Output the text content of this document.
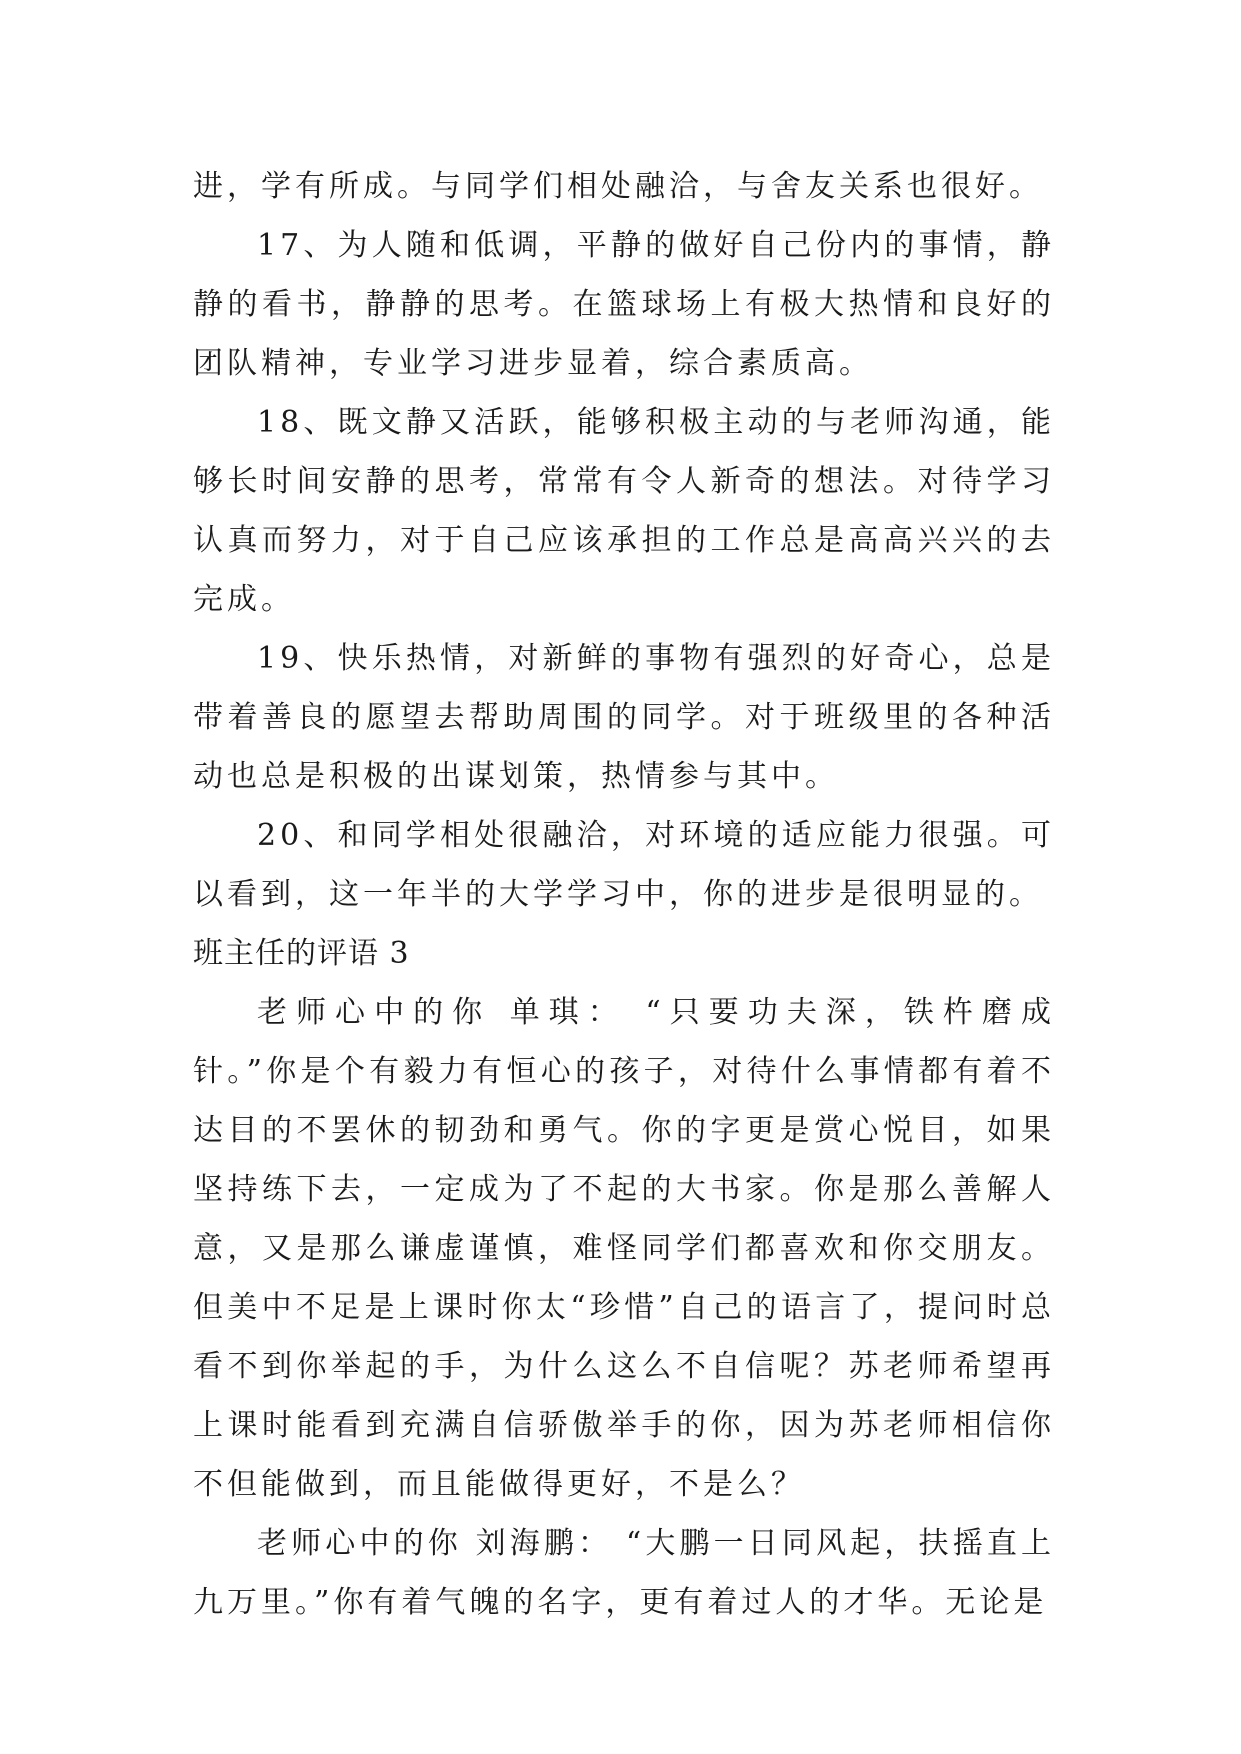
进，学有所成。与同学们相处融洽，与舍友关系也很好。

17、为人随和低调，平静的做好自己份内的事情，静静的看书，静静的思考。在篮球场上有极大热情和良好的团队精神，专业学习进步显着，综合素质高。

18、既文静又活跃，能够积极主动的与老师沟通，能够长时间安静的思考，常常有令人新奇的想法。对待学习认真而努力，对于自己应该承担的工作总是高高兴兴的去完成。

19、快乐热情，对新鲜的事物有强烈的好奇心，总是带着善良的愿望去帮助周围的同学。对于班级里的各种活动也总是积极的出谋划策，热情参与其中。

20、和同学相处很融洽，对环境的适应能力很强。可以看到，这一年半的大学学习中，你的进步是很明显的。

班主任的评语 3

老师心中的你 单琪： “只要功夫深，铁杵磨成针。”你是个有毅力有恒心的孩子，对待什么事情都有着不达目的不罢休的韧劲和勇气。你的字更是赏心悦目，如果坚持练下去，一定成为了不起的大书家。你是那么善解人意，又是那么谦虚谨慎，难怪同学们都喜欢和你交朋友。但美中不足是上课时你太“珍惜”自己的语言了，提问时总看不到你举起的手，为什么这么不自信呢？苏老师希望再上课时能看到充满自信骄傲举手的你，因为苏老师相信你不但能做到，而且能做得更好，不是么？

老师心中的你 刘海鹏： “大鹏一日同风起，扶摇直上九万里。”你有着气魄的名字，更有着过人的才华。无论是
